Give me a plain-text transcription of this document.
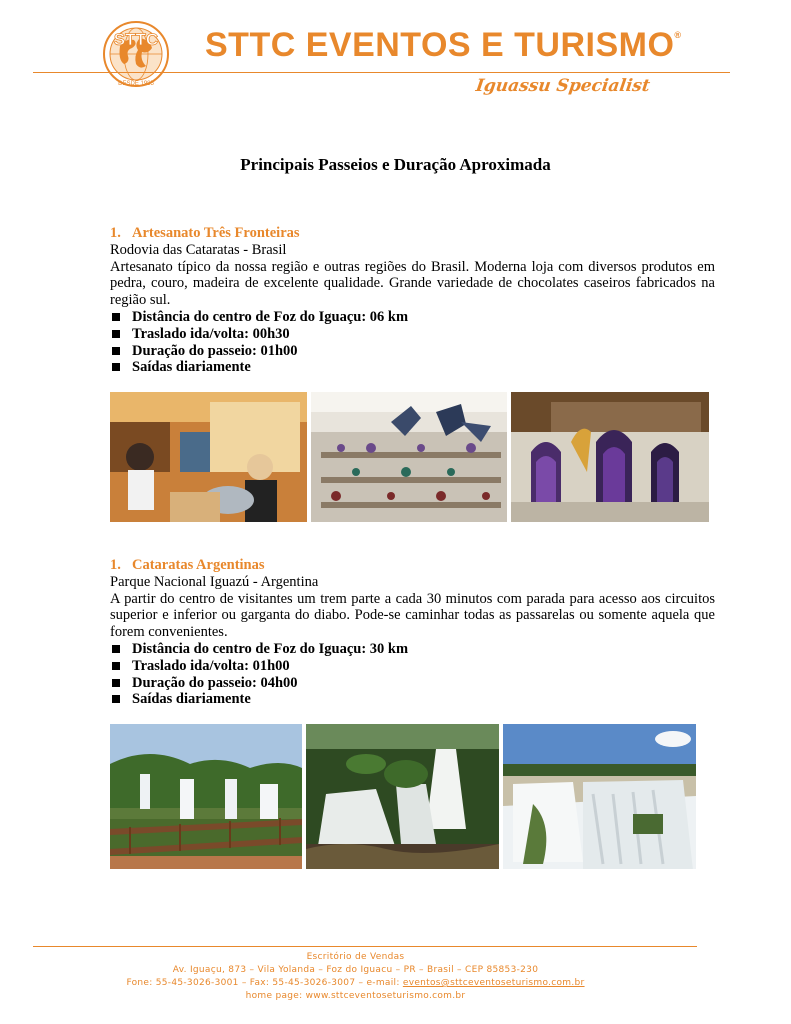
STTC
DESDE 1985
STTC EVENTOS E TURISMO®
Iguassu Specialist
Principais Passeios e Duração Aproximada
1. Artesanato Três Fronteiras
Rodovia das Cataratas - Brasil
Artesanato típico da nossa região e outras regiões do Brasil. Moderna loja com diversos produtos em pedra, couro, madeira de excelente qualidade. Grande variedade de chocolates caseiros fabricados na região sul.
Distância do centro de Foz do Iguaçu: 06 km
Traslado ida/volta: 00h30
Duração do passeio: 01h00
Saídas diariamente
1. Cataratas Argentinas
Parque Nacional Iguazú - Argentina
A partir do centro de visitantes um trem parte a cada 30 minutos com parada para acesso aos circuitos superior e inferior ou garganta do diabo. Pode-se caminhar todas as passarelas ou somente aquela que forem convenientes.
Distância do centro de Foz do Iguaçu: 30 km
Traslado ida/volta: 01h00
Duração do passeio: 04h00
Saídas diariamente
Escritório de Vendas
Av. Iguaçu, 873 – Vila Yolanda – Foz do Iguacu – PR – Brasil – CEP 85853-230
Fone: 55-45-3026-3001 – Fax: 55-45-3026-3007 – e-mail: eventos@sttceventoseturismo.com.br
home page: www.sttceventoseturismo.com.br
